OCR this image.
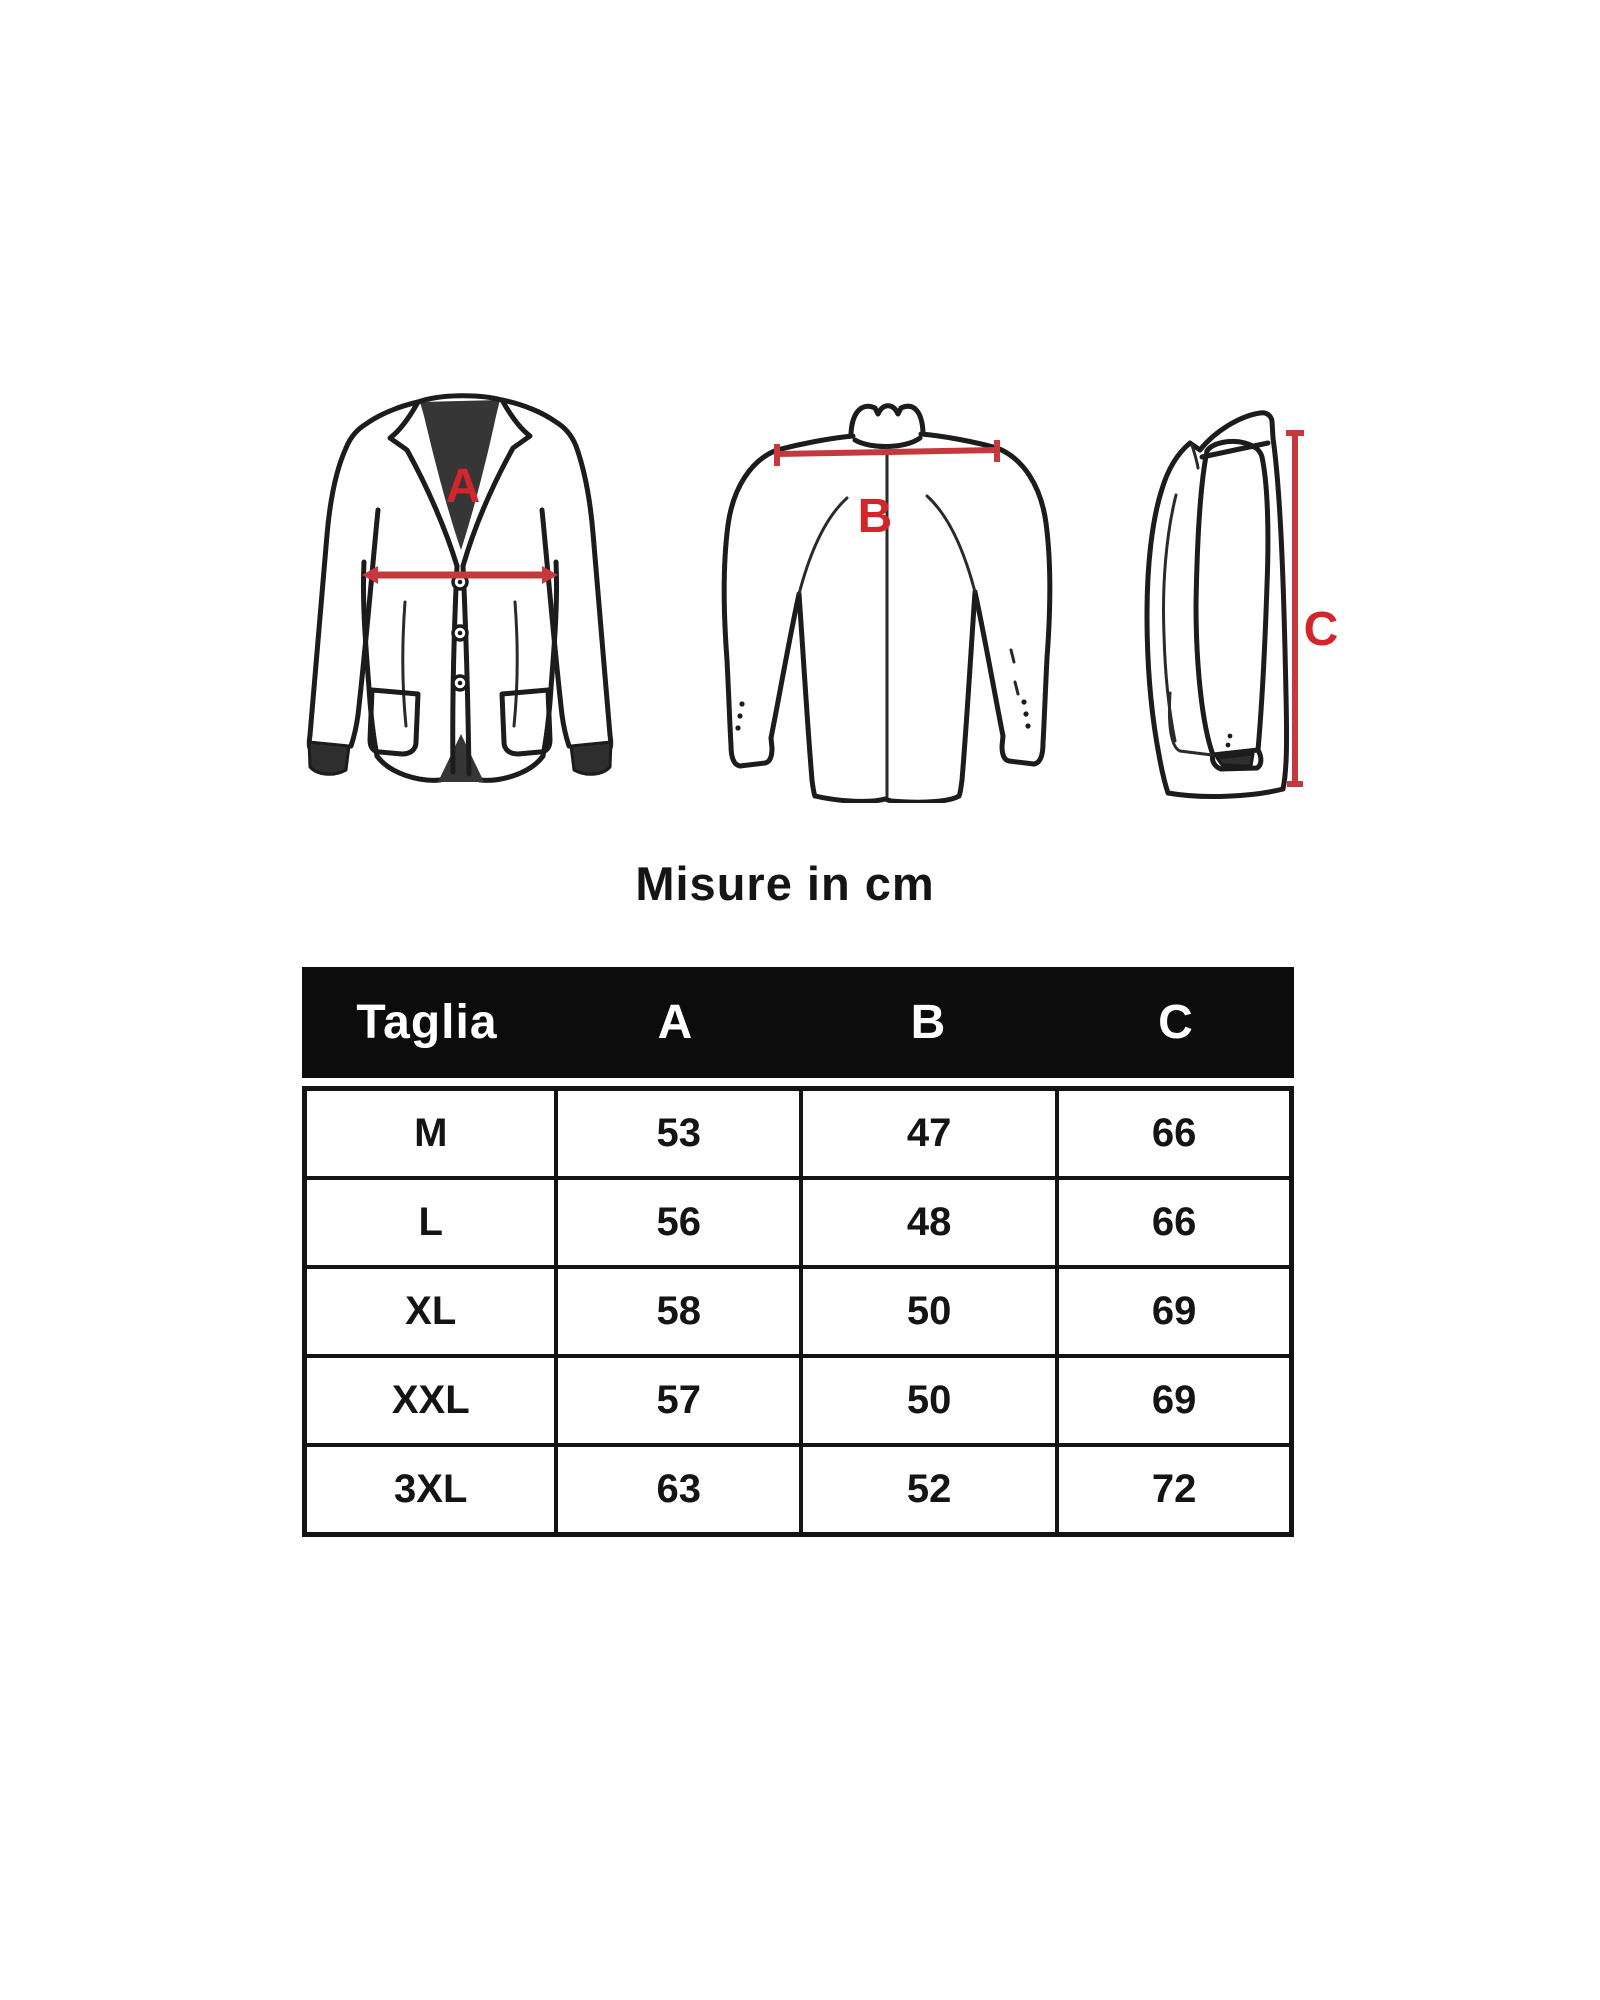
A
B
C
Misure in cm
Taglia	A	B	C
M	53	47	66
L	56	48	66
XL	58	50	69
XXL	57	50	69
3XL	63	52	72
